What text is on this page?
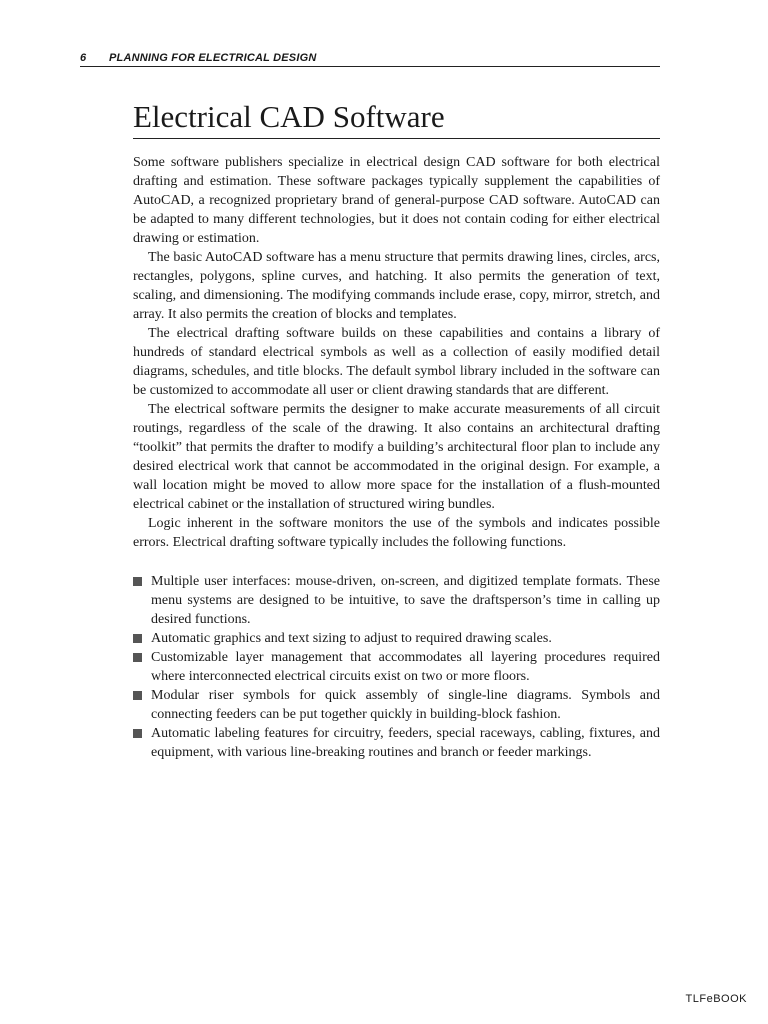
6 PLANNING FOR ELECTRICAL DESIGN
Electrical CAD Software

Some software publishers specialize in electrical design CAD software for both electrical drafting and estimation. These software packages typically supplement the capabilities of AutoCAD, a recognized proprietary brand of general-purpose CAD software. AutoCAD can be adapted to many different technologies, but it does not contain coding for either electrical drawing or estimation.

The basic AutoCAD software has a menu structure that permits drawing lines, circles, arcs, rectangles, polygons, spline curves, and hatching. It also permits the generation of text, scaling, and dimensioning. The modifying commands include erase, copy, mirror, stretch, and array. It also permits the creation of blocks and templates.

The electrical drafting software builds on these capabilities and contains a library of hundreds of standard electrical symbols as well as a collection of easily modified detail diagrams, schedules, and title blocks. The default symbol library included in the software can be customized to accommodate all user or client drawing standards that are different.

The electrical software permits the designer to make accurate measurements of all circuit routings, regardless of the scale of the drawing. It also contains an architectural drafting “toolkit” that permits the drafter to modify a building’s architectural floor plan to include any desired electrical work that cannot be accommodated in the original design. For example, a wall location might be moved to allow more space for the installation of a flush-mounted electrical cabinet or the installation of structured wiring bundles.

Logic inherent in the software monitors the use of the symbols and indicates possible errors. Electrical drafting software typically includes the following functions.

Multiple user interfaces: mouse-driven, on-screen, and digitized template formats. These menu systems are designed to be intuitive, to save the draftsperson’s time in calling up desired functions.
Automatic graphics and text sizing to adjust to required drawing scales.
Customizable layer management that accommodates all layering procedures required where interconnected electrical circuits exist on two or more floors.
Modular riser symbols for quick assembly of single-line diagrams. Symbols and connecting feeders can be put together quickly in building-block fashion.
Automatic labeling features for circuitry, feeders, special raceways, cabling, fixtures, and equipment, with various line-breaking routines and branch or feeder markings.
TLFeBOOK
